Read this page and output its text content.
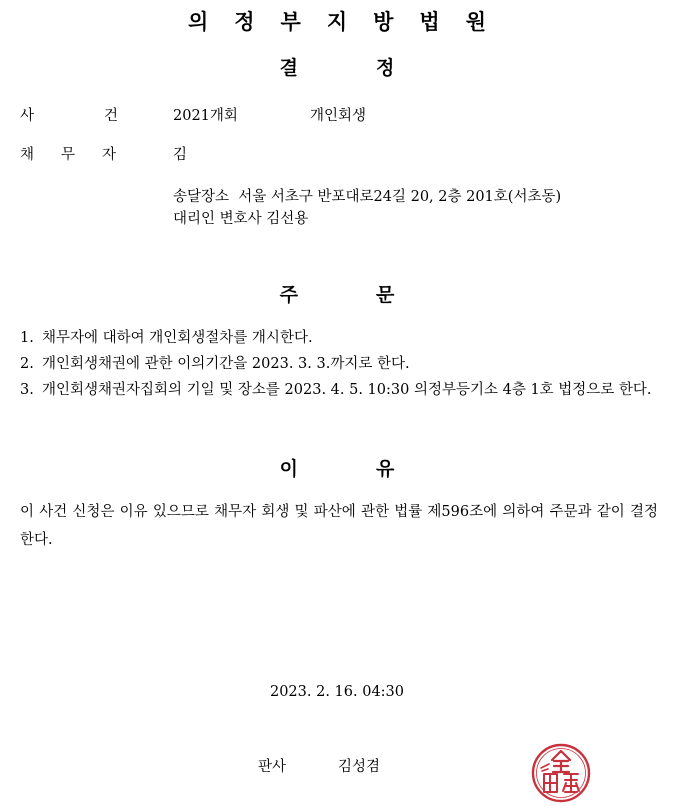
의정부지방법원
결정
사건
2021개회	개인회생
채무자 김
송달장소  서울 서초구 반포대로24길 20, 2층 201호(서초동)
대리인 변호사 김선용
주문
1. 채무자에 대하여 개인회생절차를 개시한다.
2. 개인회생채권에 관한 이의기간을 2023. 3. 3.까지로 한다.
3. 개인회생채권자집회의 기일 및 장소를 2023. 4. 5. 10:30 의정부등기소 4층 1호 법정으로 한다.
이유
이 사건 신청은 이유 있으므로 채무자 회생 및 파산에 관한 법률 제596조에 의하여 주문과 같이 결정한다.
2023. 2. 16. 04:30
판사	김성겸
